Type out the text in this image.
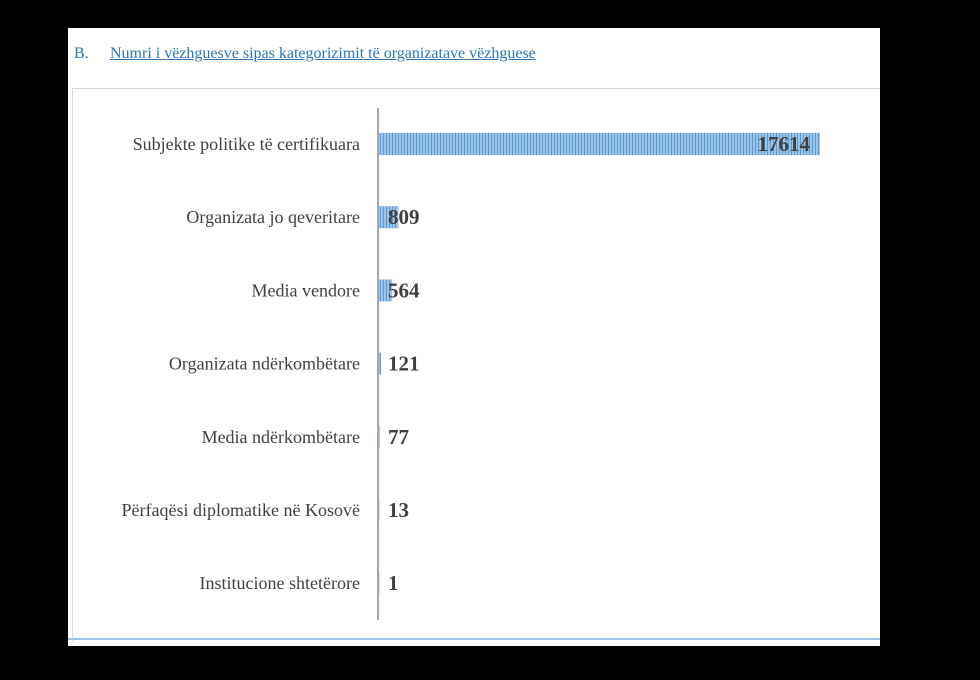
B. Numri i vëzhguesve sipas kategorizimit të organizatave vëzhguese
Subjekte politike të certifikuara	17614
Organizata jo qeveritare 809
Media vendore 564
Organizata ndërkombëtare 121
Media ndërkombëtare 77
Përfaqësi diplomatike në Kosovë 13
Institucione shtetërore 1
